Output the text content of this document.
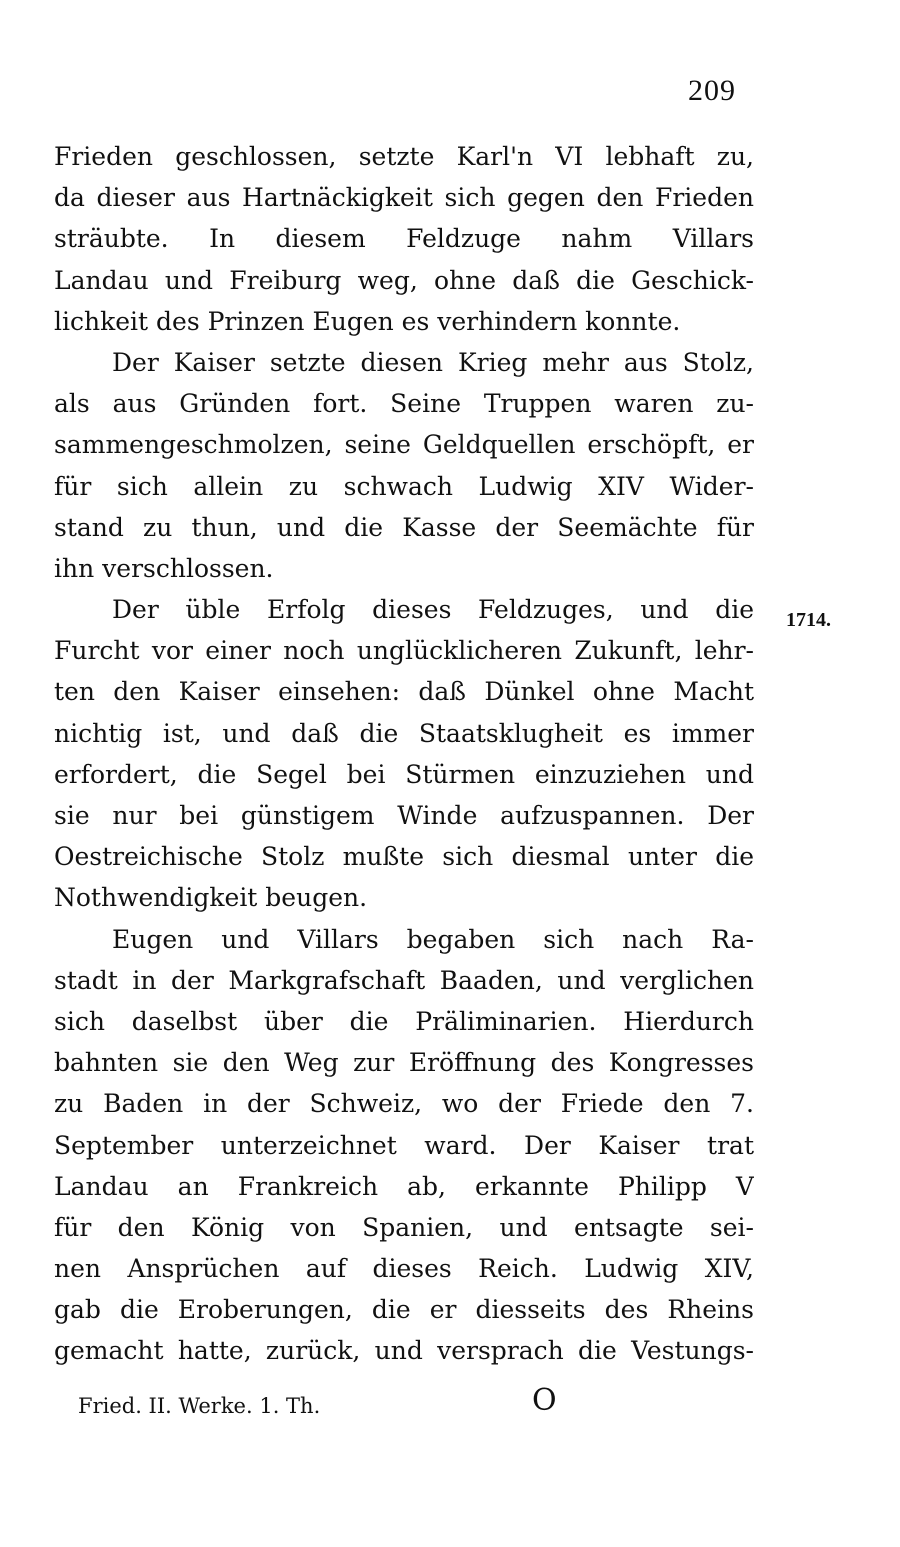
209
Frieden geschlossen, setzte Karl'n VI lebhaft zu,
da dieser aus Hartnäckigkeit sich gegen den Frieden
sträubte. In diesem Feldzuge nahm Villars
Landau und Freiburg weg, ohne daß die Geschick-
lichkeit des Prinzen Eugen es verhindern konnte.
Der Kaiser setzte diesen Krieg mehr aus Stolz,
als aus Gründen fort. Seine Truppen waren zu-
sammengeschmolzen, seine Geldquellen erschöpft, er
für sich allein zu schwach Ludwig XIV Wider-
stand zu thun, und die Kasse der Seemächte für
ihn verschlossen.
Der üble Erfolg dieses Feldzuges, und die
Furcht vor einer noch unglücklicheren Zukunft, lehr-
ten den Kaiser einsehen: daß Dünkel ohne Macht
nichtig ist, und daß die Staatsklugheit es immer
erfordert, die Segel bei Stürmen einzuziehen und
sie nur bei günstigem Winde aufzuspannen. Der
Oestreichische Stolz mußte sich diesmal unter die
Nothwendigkeit beugen.
Eugen und Villars begaben sich nach Ra-
stadt in der Markgrafschaft Baaden, und verglichen
sich daselbst über die Präliminarien. Hierdurch
bahnten sie den Weg zur Eröffnung des Kongresses
zu Baden in der Schweiz, wo der Friede den 7.
September unterzeichnet ward. Der Kaiser trat
Landau an Frankreich ab, erkannte Philipp V
für den König von Spanien, und entsagte sei-
nen Ansprüchen auf dieses Reich. Ludwig XIV,
gab die Eroberungen, die er diesseits des Rheins
gemacht hatte, zurück, und versprach die Vestungs-
1714.
Fried. II. Werke. 1. Th.	O
